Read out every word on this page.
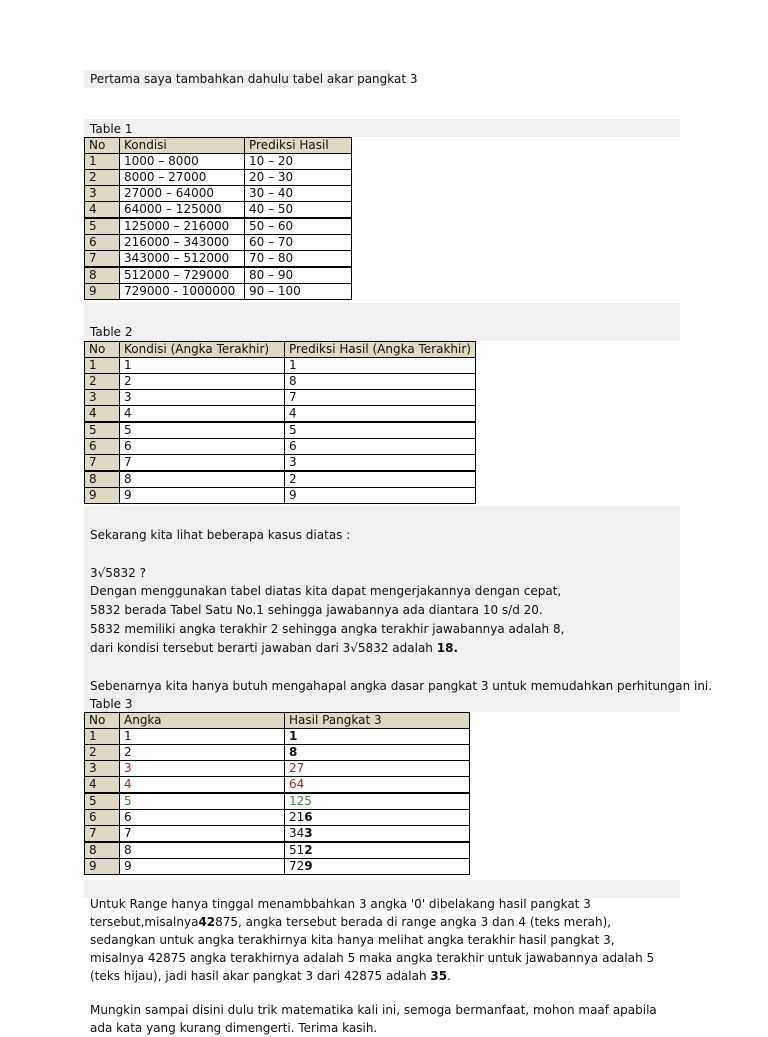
Pertama saya tambahkan dahulu tabel akar pangkat 3
Table 1
No	Kondisi	Prediksi Hasil
1	1000 – 8000	10 – 20
2	8000 – 27000	20 – 30
3	27000 – 64000	30 – 40
4	64000 – 125000	40 – 50
5	125000 – 216000	50 – 60
6	216000 – 343000	60 – 70
7	343000 – 512000	70 – 80
8	512000 – 729000	80 – 90
9	729000 - 1000000	90 – 100
Table 2
No	Kondisi (Angka Terakhir)	Prediksi Hasil (Angka Terakhir)
1	1	1
2	2	8
3	3	7
4	4	4
5	5	5
6	6	6
7	7	3
8	8	2
9	9	9
Sekarang kita lihat beberapa kasus diatas :
3√5832 ?
Dengan menggunakan tabel diatas kita dapat mengerjakannya dengan cepat,
5832 berada Tabel Satu No.1 sehingga jawabannya ada diantara 10 s/d 20.
5832 memiliki angka terakhir 2 sehingga angka terakhir jawabannya adalah 8,
dari kondisi tersebut berarti jawaban dari 3√5832 adalah 18.
Sebenarnya kita hanya butuh mengahapal angka dasar pangkat 3 untuk memudahkan perhitungan ini.
Table 3
No	Angka	Hasil Pangkat 3
1	1	1
2	2	8
3	3	27
4	4	64
5	5	125
6	6	216
7	7	343
8	8	512
9	9	729
Untuk Range hanya tinggal menambbahkan 3 angka '0' dibelakang hasil pangkat 3 tersebut,misalnya42875, angka tersebut berada di range angka 3 dan 4 (teks merah), sedangkan untuk angka terakhirnya kita hanya melihat angka terakhir hasil pangkat 3, misalnya 42875 angka terakhirnya adalah 5 maka angka terakhir untuk jawabannya adalah 5 (teks hijau), jadi hasil akar pangkat 3 dari 42875 adalah 35.
Mungkin sampai disini dulu trik matematika kali ini, semoga bermanfaat, mohon maaf apabila ada kata yang kurang dimengerti. Terima kasih.
